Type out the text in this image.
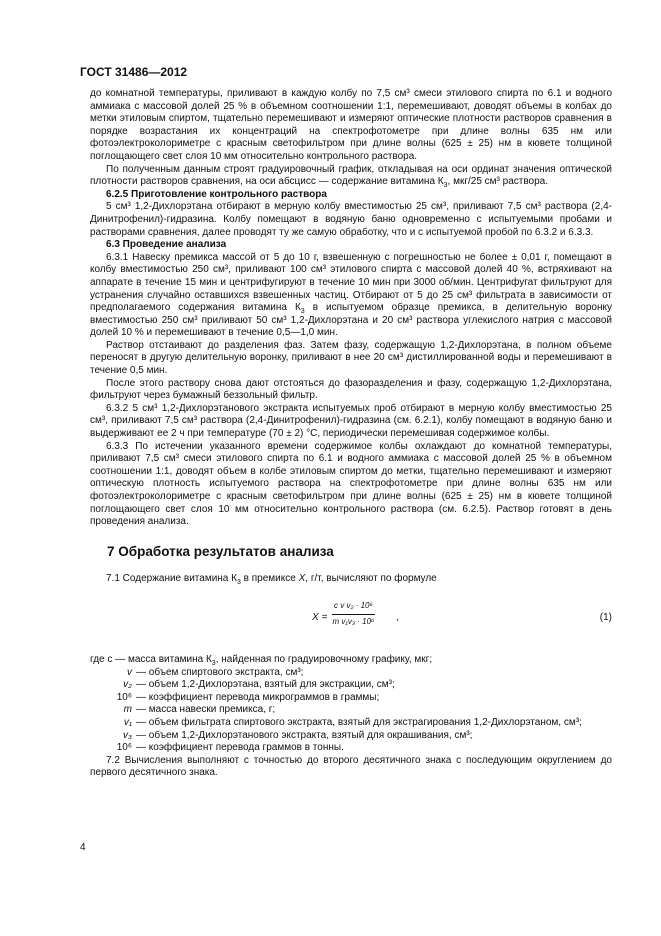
ГОСТ 31486—2012

до комнатной температуры, приливают в каждую колбу по 7,5 см³ смеси этилового спирта по 6.1 и водного аммиака с массовой долей 25 % в объемном соотношении 1:1, перемешивают, доводят объемы в колбах до метки этиловым спиртом, тщательно перемешивают и измеряют оптические плотности растворов сравнения в порядке возрастания их концентраций на спектрофотометре при длине волны 635 нм или фотоэлектроколориметре с красным светофильтром при длине волны (625 ± 25) нм в кювете толщиной поглощающего свет слоя 10 мм относительно контрольного раствора.

По полученным данным строят градуировочный график, откладывая на оси ординат значения оптической плотности растворов сравнения, на оси абсцисс — содержание витамина $К_3$, мкг/25 см³ раствора.

6.2.5 Приготовление контрольного раствора

5 см³ 1,2-Дихлорэтана отбирают в мерную колбу вместимостью 25 см³, приливают 7,5 см³ раствора (2,4-Динитрофенил)-гидразина. Колбу помещают в водяную баню одновременно с испытуемыми пробами и растворами сравнения, далее проводят ту же самую обработку, что и с испытуемой пробой по 6.3.2 и 6.3.3.

6.3 Проведение анализа

6.3.1 Навеску премикса массой от 5 до 10 г, взвешенную с погрешностью не более ± 0,01 г, помещают в колбу вместимостью 250 см³, приливают 100 см³ этилового спирта с массовой долей 40 %, встряхивают на аппарате в течение 15 мин и центрифугируют в течение 10 мин при 3000 об/мин. Центрифугат фильтруют для устранения случайно оставшихся взвешенных частиц. Отбирают от 5 до 25 см³ фильтрата в зависимости от предполагаемого содержания витамина $К_3$ в испытуемом образце премикса, в делительную воронку вместимостью 250 см³ приливают 50 см³ 1,2-Дихлорэтана и 20 см³ раствора углекислого натрия с массовой долей 10 % и перемешивают в течение 0,5—1,0 мин.

Раствор отстаивают до разделения фаз. Затем фазу, содержащую 1,2-Дихлорэтана, в полном объеме переносят в другую делительную воронку, приливают в нее 20 см³ дистиллированной воды и перемешивают в течение 0,5 мин.

После этого раствору снова дают отстояться до фазоразделения и фазу, содержащую 1,2-Дихлорэтана, фильтруют через бумажный беззольный фильтр.

6.3.2 5 см³ 1,2-Дихлорэтанового экстракта испытуемых проб отбирают в мерную колбу вместимостью 25 см³, приливают 7,5 см³ раствора (2,4-Динитрофенил)-гидразина (см. 6.2.1), колбу помещают в водяную баню и выдерживают ее 2 ч при температуре (70 ± 2) °С, периодически перемешивая содержимое колбы.

6.3.3 По истечении указанного времени содержимое колбы охлаждают до комнатной температуры, приливают 7,5 см³ смеси этилового спирта по 6.1 и водного аммиака с массовой долей 25 % в объемном соотношении 1:1, доводят объем в колбе этиловым спиртом до метки, тщательно перемешивают и измеряют оптическую плотность испытуемого раствора на спектрофотометре при длине волны 635 нм или фотоэлектроколориметре с красным светофильтром при длине волны (625 ± 25) нм в кювете толщиной поглощающего свет слоя 10 мм относительно контрольного раствора (см. 6.2.5). Раствор готовят в день проведения анализа.

7 Обработка результатов анализа

7.1 Содержание витамина $К_3$ в премиксе X, г/т, вычисляют по формуле

$X = \frac{\text{c v v₂ · 10⁶}}{\text{m v₁v₃ · 10⁶}}$ ,	(1)

где c — масса витамина $К_3$, найденная по градуировочному графику, мкг;

v — объем спиртового экстракта, см³;
v₂ — объем 1,2-Дихлорэтана, взятый для экстракции, см³;
10⁶ — коэффициент перевода микрограммов в граммы;
m — масса навески премикса, г;
v₁ — объем фильтрата спиртового экстракта, взятый для экстрагирования 1,2-Дихлорэтаном, см³;
v₃ — объем 1,2-Дихлорэтанового экстракта, взятый для окрашивания, см³;
10⁶ — коэффициент перевода граммов в тонны.

7.2 Вычисления выполняют с точностью до второго десятичного знака с последующим округлением до первого десятичного знака.

4
